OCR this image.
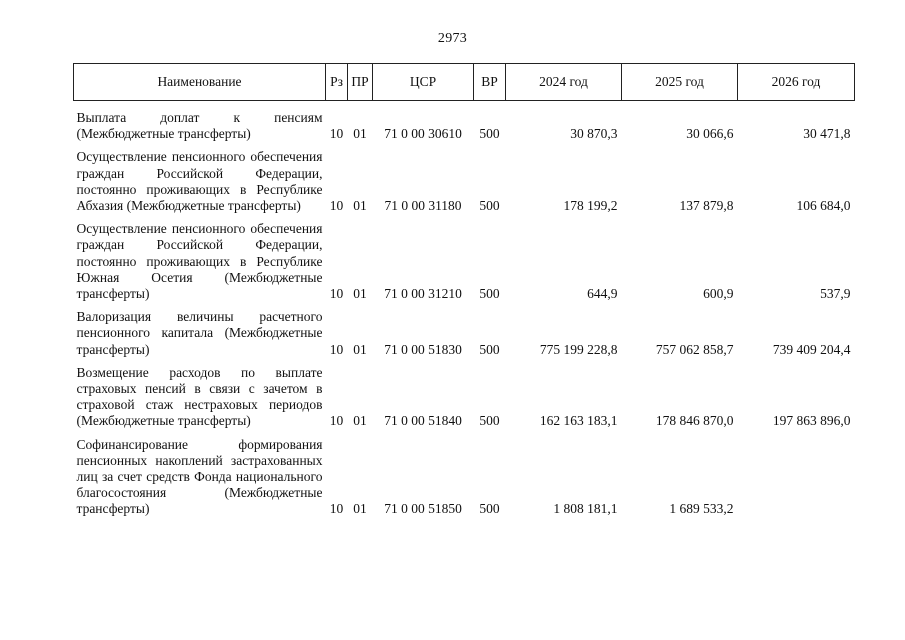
2973
Наименование	Рз	ПР	ЦСР	ВР	2024 год	2025 год	2026 год
Выплата доплат к пенсиям (Межбюджетные трансферты)	10	01	71 0 00 30610	500	30 870,3	30 066,6	30 471,8
Осуществление пенсионного обеспечения граждан Российской Федерации, постоянно проживающих в Республике Абхазия (Межбюджетные трансферты)	10	01	71 0 00 31180	500	178 199,2	137 879,8	106 684,0
Осуществление пенсионного обеспечения граждан Российской Федерации, постоянно проживающих в Республике Южная Осетия (Межбюджетные трансферты)	10	01	71 0 00 31210	500	644,9	600,9	537,9
Валоризация величины расчетного пенсионного капитала (Межбюджетные трансферты)	10	01	71 0 00 51830	500	775 199 228,8	757 062 858,7	739 409 204,4
Возмещение расходов по выплате страховых пенсий в связи с зачетом в страховой стаж нестраховых периодов (Межбюджетные трансферты)	10	01	71 0 00 51840	500	162 163 183,1	178 846 870,0	197 863 896,0
Софинансирование формирования пенсионных накоплений застрахованных лиц за счет средств Фонда национального благосостояния (Межбюджетные трансферты)	10	01	71 0 00 51850	500	1 808 181,1	1 689 533,2	
